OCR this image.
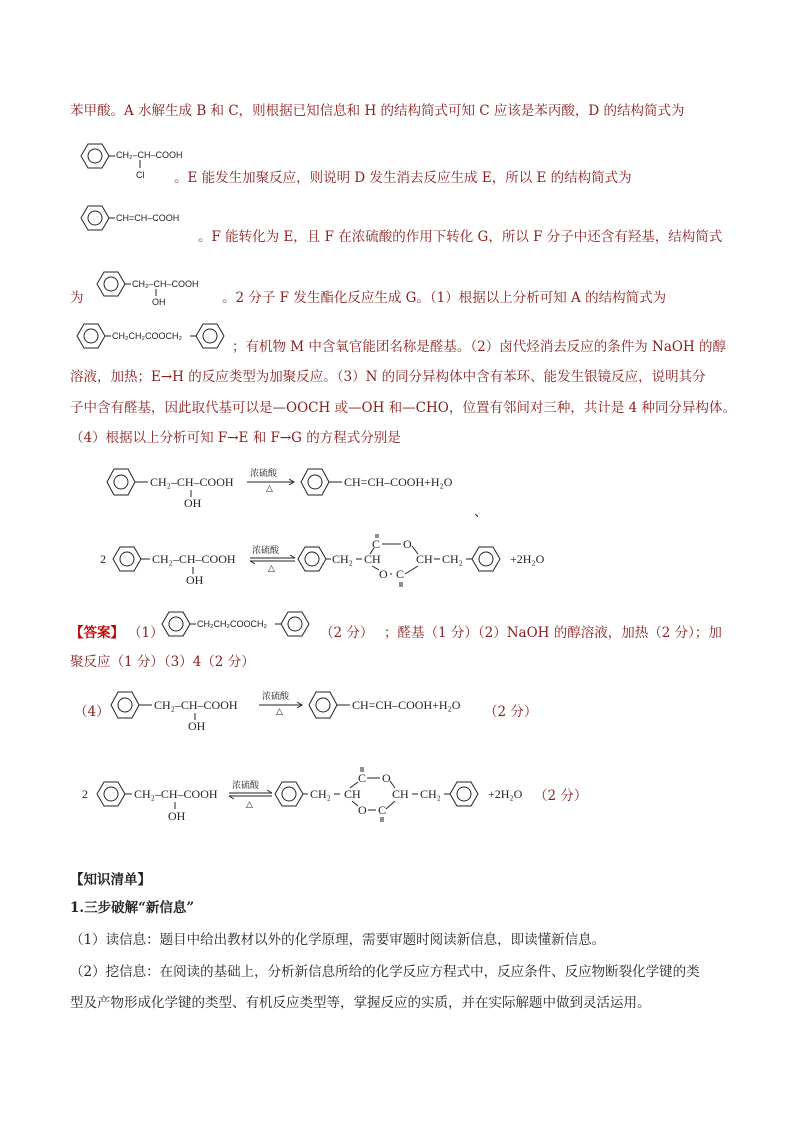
苯甲酸。A 水解生成 B 和 C，则根据已知信息和 H 的结构简式可知 C 应该是苯丙酸，D 的结构简式为
CH₂–CH–COOH
Cl 。E 能发生加聚反应，则说明 D 发生消去反应生成 E，所以 E 的结构简式为
CH=CH–COOH
。F 能转化为 E，且 F 在浓硫酸的作用下转化 G，所以 F 分子中还含有羟基，结构简式
CH₂–CH–COOH
OH
为	。2 分子 F 发生酯化反应生成 G。（1）根据以上分析可知 A 的结构简式为
CH₂CH₂COOCH₂
；有机物 M 中含氧官能团名称是醛基。（2）卤代烃消去反应的条件为 NaOH 的醇
溶液，加热；E→H 的反应类型为加聚反应。（3）N 的同分异构体中含有苯环、能发生银镜反应，说明其分
子中含有醛基，因此取代基可以是—OOCH 或—OH 和—CHO，位置有邻间对三种，共计是 4 种同分异构体。
（4）根据以上分析可知 F→E 和 F→G 的方程式分别是
CH₂–CH–COOH
OH
浓硫酸
△	CH=CH–COOH+H₂O
、
2	CH₂–CH–COOH
OH
浓硫酸
△
CH₂
C
CH
O
O
CH
C
CH₂	+2H₂O
【答案】 （1）
CH₂CH₂COOCH₂
（2 分） ；醛基（1 分）（2）NaOH 的醇溶液，加热（2 分）；加
聚反应（1 分）（3）4（2 分）
（4）	CH₂–CH–COOH
OH
浓硫酸
△	CH=CH–COOH+H₂O （2 分）
2	CH₂–CH–COOH
OH
浓硫酸
△
CH₂
C
CH
O
O
CH
C
CH₂	+2H₂O （2 分）
【知识清单】
1.三步破解“新信息”
（1）读信息：题目中给出教材以外的化学原理，需要审题时阅读新信息，即读懂新信息。
（2）挖信息：在阅读的基础上，分析新信息所给的化学反应方程式中，反应条件、反应物断裂化学键的类
型及产物形成化学键的类型、有机反应类型等，掌握反应的实质，并在实际解题中做到灵活运用。
